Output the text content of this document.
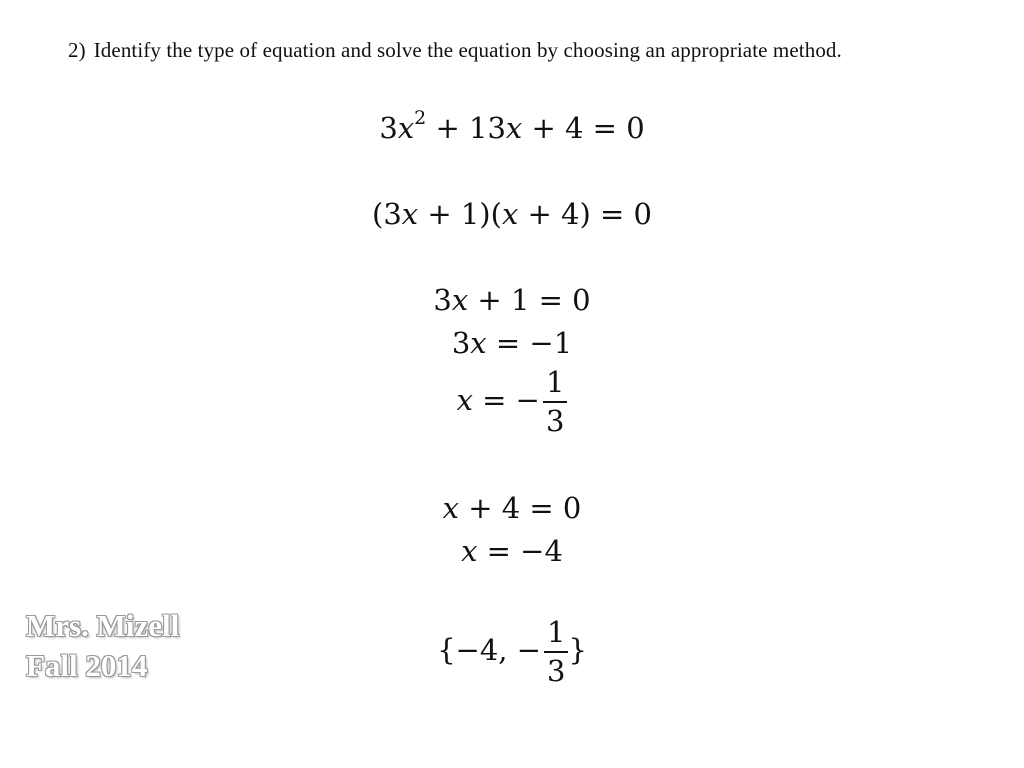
2) Identify the type of equation and solve the equation by choosing an appropriate method.
$3x^2 + 13x + 4 = 0$
(3x + 1)(x + 4) = 0
3x + 1 = 0
3x = −1
x = − $\frac{1}{3}$
x + 4 = 0
x = −4
{−4, − $\frac{1}{3}$ }
Mrs. Mizell
Fall 2014
